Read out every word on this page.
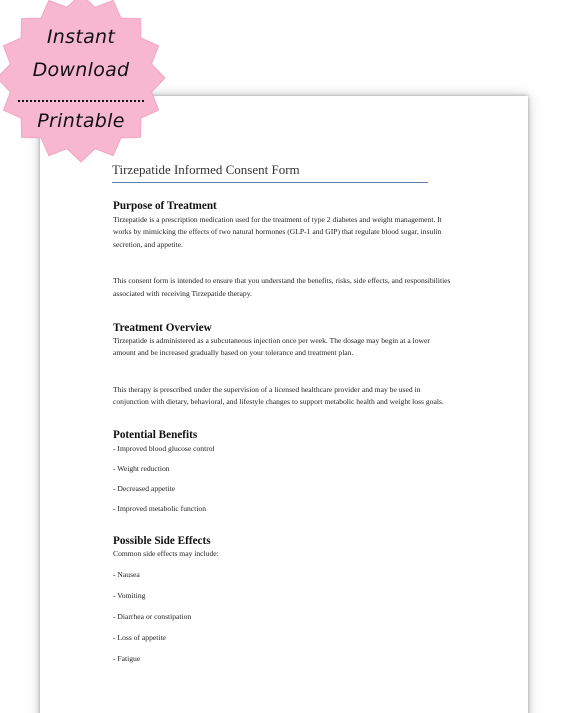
Tirzepatide Informed Consent Form

Purpose of Treatment

Tirzepatide is a prescription medication used for the treatment of type 2 diabetes and weight management. It works by mimicking the effects of two natural hormones (GLP-1 and GIP) that regulate blood sugar, insulin secretion, and appetite.

This consent form is intended to ensure that you understand the benefits, risks, side effects, and responsibilities associated with receiving Tirzepatide therapy.

Treatment Overview

Tirzepatide is administered as a subcutaneous injection once per week. The dosage may begin at a lower amount and be increased gradually based on your tolerance and treatment plan.

This therapy is prescribed under the supervision of a licensed healthcare provider and may be used in conjunction with dietary, behavioral, and lifestyle changes to support metabolic health and weight loss goals.

Potential Benefits

- Improved blood glucose control

- Weight reduction

- Decreased appetite

- Improved metabolic function

Possible Side Effects

Common side effects may include:

- Nausea

- Vomiting

- Diarrhea or constipation

- Loss of appetite

- Fatigue

Instant
Download
Printable
